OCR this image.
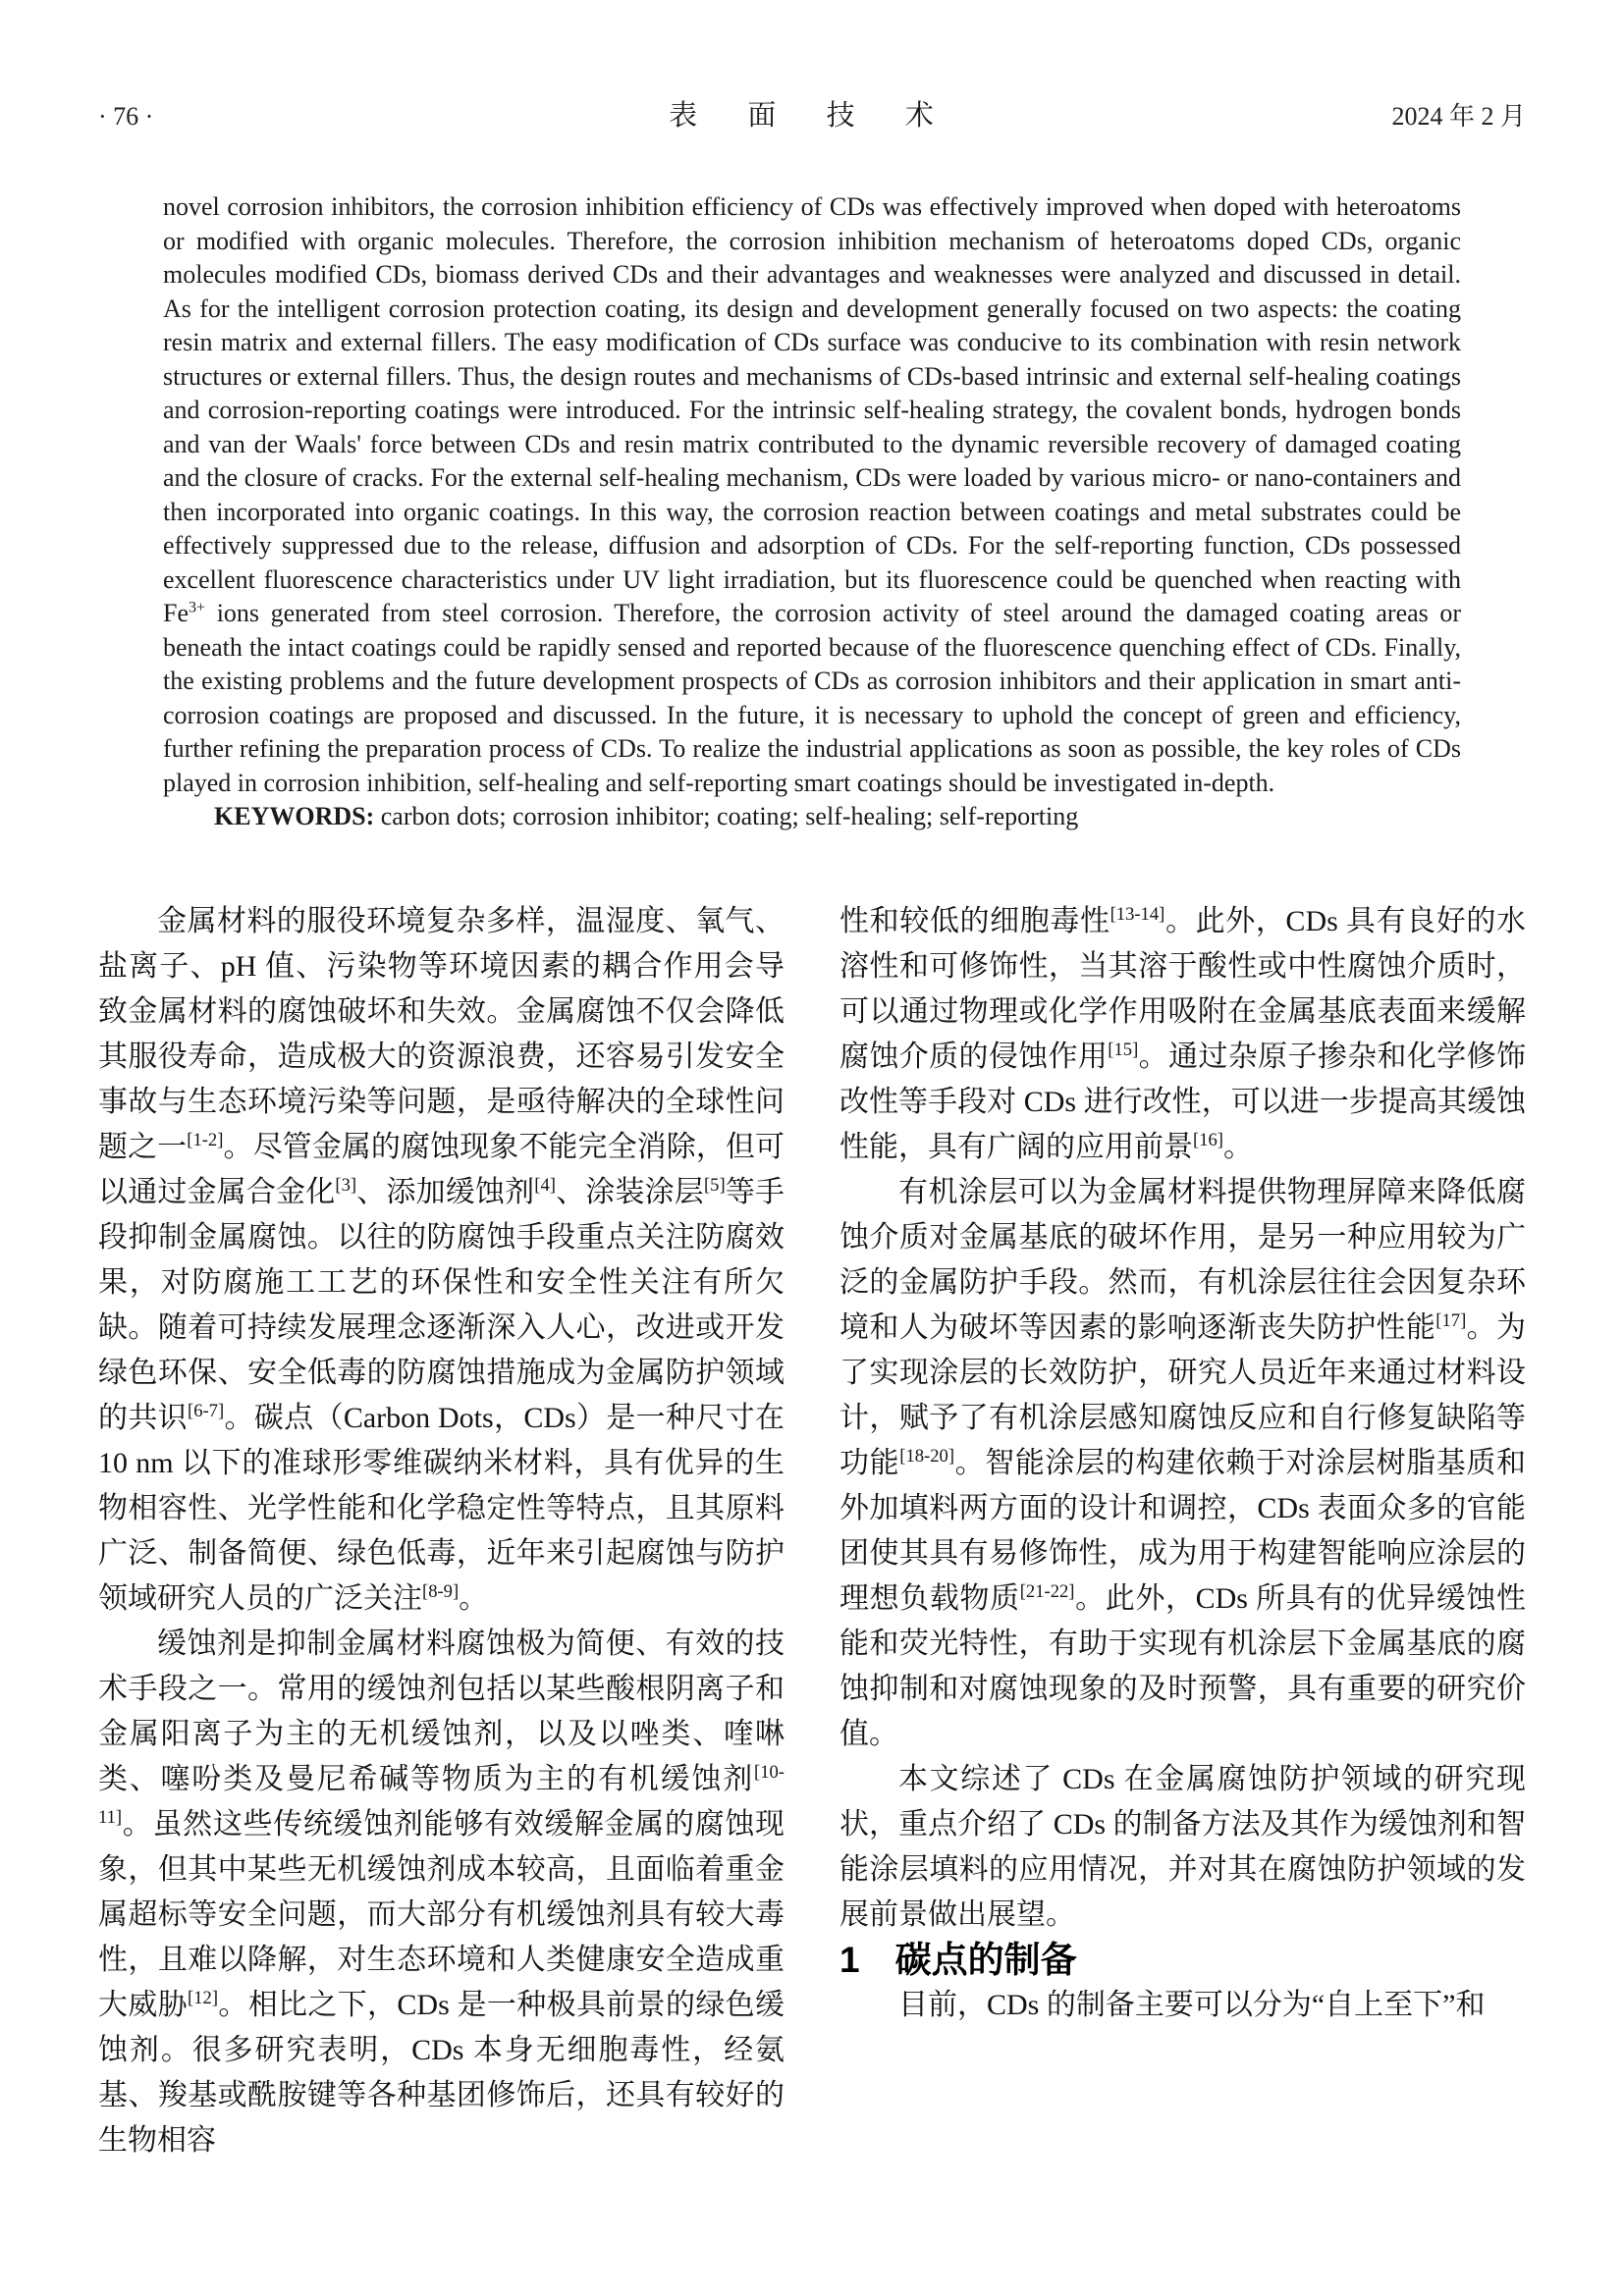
· 76 ·	表 面 技 术	2024 年 2 月

novel corrosion inhibitors, the corrosion inhibition efficiency of CDs was effectively improved when doped with heteroatoms or modified with organic molecules. Therefore, the corrosion inhibition mechanism of heteroatoms doped CDs, organic molecules modified CDs, biomass derived CDs and their advantages and weaknesses were analyzed and discussed in detail. As for the intelligent corrosion protection coating, its design and development generally focused on two aspects: the coating resin matrix and external fillers. The easy modification of CDs surface was conducive to its combination with resin network structures or external fillers. Thus, the design routes and mechanisms of CDs-based intrinsic and external self-healing coatings and corrosion-reporting coatings were introduced. For the intrinsic self-healing strategy, the covalent bonds, hydrogen bonds and van der Waals' force between CDs and resin matrix contributed to the dynamic reversible recovery of damaged coating and the closure of cracks. For the external self-healing mechanism, CDs were loaded by various micro- or nano-containers and then incorporated into organic coatings. In this way, the corrosion reaction between coatings and metal substrates could be effectively suppressed due to the release, diffusion and adsorption of CDs. For the self-reporting function, CDs possessed excellent fluorescence characteristics under UV light irradiation, but its fluorescence could be quenched when reacting with $Fe^{3+}$ ions generated from steel corrosion. Therefore, the corrosion activity of steel around the damaged coating areas or beneath the intact coatings could be rapidly sensed and reported because of the fluorescence quenching effect of CDs. Finally, the existing problems and the future development prospects of CDs as corrosion inhibitors and their application in smart anti-corrosion coatings are proposed and discussed. In the future, it is necessary to uphold the concept of green and efficiency, further refining the preparation process of CDs. To realize the industrial applications as soon as possible, the key roles of CDs played in corrosion inhibition, self-healing and self-reporting smart coatings should be investigated in-depth.

KEYWORDS: carbon dots; corrosion inhibitor; coating; self-healing; self-reporting

金属材料的服役环境复杂多样，温湿度、氧气、盐离子、pH 值、污染物等环境因素的耦合作用会导致金属材料的腐蚀破坏和失效。金属腐蚀不仅会降低其服役寿命，造成极大的资源浪费，还容易引发安全事故与生态环境污染等问题，是亟待解决的全球性问题之一[1-2]。尽管金属的腐蚀现象不能完全消除，但可以通过金属合金化[3]、添加缓蚀剂[4]、涂装涂层[5]等手段抑制金属腐蚀。以往的防腐蚀手段重点关注防腐效果，对防腐施工工艺的环保性和安全性关注有所欠缺。随着可持续发展理念逐渐深入人心，改进或开发绿色环保、安全低毒的防腐蚀措施成为金属防护领域的共识[6-7]。碳点（Carbon Dots，CDs）是一种尺寸在 10 nm 以下的准球形零维碳纳米材料，具有优异的生物相容性、光学性能和化学稳定性等特点，且其原料广泛、制备简便、绿色低毒，近年来引起腐蚀与防护领域研究人员的广泛关注[8-9]。

缓蚀剂是抑制金属材料腐蚀极为简便、有效的技术手段之一。常用的缓蚀剂包括以某些酸根阴离子和金属阳离子为主的无机缓蚀剂，以及以唑类、喹啉类、噻吩类及曼尼希碱等物质为主的有机缓蚀剂[10-11]。虽然这些传统缓蚀剂能够有效缓解金属的腐蚀现象，但其中某些无机缓蚀剂成本较高，且面临着重金属超标等安全问题，而大部分有机缓蚀剂具有较大毒性，且难以降解，对生态环境和人类健康安全造成重大威胁[12]。相比之下，CDs 是一种极具前景的绿色缓蚀剂。很多研究表明，CDs 本身无细胞毒性，经氨基、羧基或酰胺键等各种基团修饰后，还具有较好的生物相容

性和较低的细胞毒性[13-14]。此外，CDs 具有良好的水溶性和可修饰性，当其溶于酸性或中性腐蚀介质时，可以通过物理或化学作用吸附在金属基底表面来缓解腐蚀介质的侵蚀作用[15]。通过杂原子掺杂和化学修饰改性等手段对 CDs 进行改性，可以进一步提高其缓蚀性能，具有广阔的应用前景[16]。

有机涂层可以为金属材料提供物理屏障来降低腐蚀介质对金属基底的破坏作用，是另一种应用较为广泛的金属防护手段。然而，有机涂层往往会因复杂环境和人为破坏等因素的影响逐渐丧失防护性能[17]。为了实现涂层的长效防护，研究人员近年来通过材料设计，赋予了有机涂层感知腐蚀反应和自行修复缺陷等功能[18-20]。智能涂层的构建依赖于对涂层树脂基质和外加填料两方面的设计和调控，CDs 表面众多的官能团使其具有易修饰性，成为用于构建智能响应涂层的理想负载物质[21-22]。此外，CDs 所具有的优异缓蚀性能和荧光特性，有助于实现有机涂层下金属基底的腐蚀抑制和对腐蚀现象的及时预警，具有重要的研究价值。

本文综述了 CDs 在金属腐蚀防护领域的研究现状，重点介绍了 CDs 的制备方法及其作为缓蚀剂和智能涂层填料的应用情况，并对其在腐蚀防护领域的发展前景做出展望。

1 碳点的制备

目前，CDs 的制备主要可以分为“自上至下”和
